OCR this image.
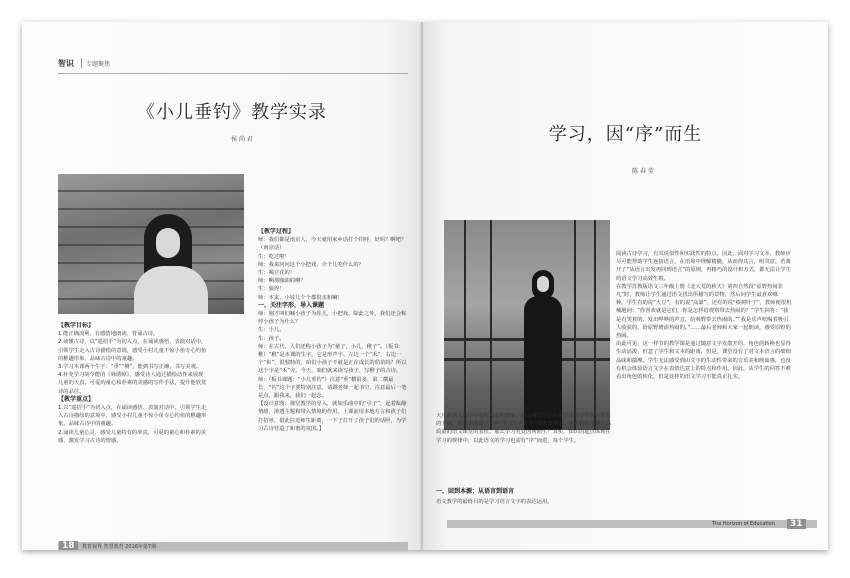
智识 专题聚焦
《小儿垂钓》教学实录
侯 尚 君
【教学目标】
1.能正确流利、有感情地朗读、背诵古诗。
2.读懂古诗，以“遥招手”为切入点，在诵读感悟、表演对话中，引领学生走入古诗描绘的意境，感受小村儿童不惊小鱼专心钓鱼的稚趣形象，品味古诗中的童趣。
3.学习本课两个生字：“垂”“侧”，能到书写正确，书写美观。
4.补充学习胡令能的《咏绣障》，感受诗人通过描绘动作来展现儿童的天真，可爱的童心和朴素的美感的写作手法，提升他欣赏诗的品位。
【教学重点】
1.以“遥招手”为切入点，在诵读感悟、表演对话中，引领学生走入古诗描绘的意境中，感受小村儿童不惊小鱼专心钓鱼的稚趣形象，品味古诗中的童趣。
2.诵读儿童心灵，感受儿童特有的率真，可爱的童心和朴素的美感，激发学习古诗的情感。
【教学过程】
师：我们都是南京人，今天就用家乡话打个招呼，好吗？啊吧？（南京话）
生：吃过啦！
师：我来问问这个小把戏，介个儿吃什么的？
生：喝豆花的！
师：啊那咖油的啊？
生：狼得！
师：本来，小娃儿个个都很亲和嘛！
一、关注字形，导入课题
师：刚才叫们喊小孩子为娃儿，小把戏，除此之外，我们还会称呼小孩子为什么？
生：小儿。
生：孩子。
师：在古代，人们还称小孩子为“童子，小儿，稚子”。（板书：稚）“稚”是本课的生字，它是形声字。左边一个“禾”，右边一个“隹”，很独特的，咱们小孩子不就是正在成长的幼苗吗？所以这个字是“禾”旁。今天，咱们就来读写孩子，写稚子的古诗。
师：（板书课题：“小儿垂钓”）注意“垂”横很多，第二横最长，“钓”这个字要特别注意，请跟老师一起书空，注意最后一笔是点，跟我来，我们一起念。
【设计意图：课堂教学的导入，就如乐曲中的“引子”，起着酝酿情绪，渗透主题和带入情境的作用。上课前用本地方言和孩子们打招呼，借此拉近师生距离，一下子打开了孩子们的话匣，为学习古诗营造了和谐的氛围。】
18	教育视界 智慧教育 2016年第7期
学习，因“序”而生
陈 春 莹
阅读古诗学习，有其说似性和实践性的特点。因此，面对学习文本，教师应尽可能帮助学生连接语言，在语境中理解精髓，从而得其言，明其意。若离开了“从语言出发再回到语言”的原则，再精巧的设计和方式，都无法让学生的语文学习高效生根。
在教学苏教版语文三年级上册《北大荒的秋天》第四自然段“原野热闹非凡”时，教师让学生通过语文找出所描写的景物，然后问学生最喜欢哪一种，学生有的说“大豆”，有的说“高粱”，还有的说“榛树叶子”，教师便很机械地问：“你喜欢就是它们，你是怎样给观察带去热闹的？”学生回答：“我是有笑着的，发出哗哗的声音，给观野带去热闹的。”“我是乐声吆喝着吸引人收获的，给原野增添热闹的。”……最后老师和大家一起朗读，感受原野的热闹。
由此可见，这一样节的教学课是通过随意文字发散开的，角色的转换也显得生动活泼，但忽了学生和文本的距离，但是，课堂没有了对文本语言的细细品味和揣摩。学生无法感受到由文字的生动性带来的音乐美和画面感，也没有机会体验语言文字在表情达意上的特点和作用。因此，从学生的回答不难看出角色的转化，但是这样的语文学习不能真正扎实。
大凡在语文教学中有所追求的教师，都会希望自己的课堂成为学生语言生长的土壤。那就需要建立一种“学习正在发生”的本真课堂，这也恰恰是教有高质量的语文课堂的表征。那么学习究竟因何而生？其实，知识的起点体现在学习的规律中，以此语文的学习也需有“序”而进，每个学生。
一、回到本源：从语言到语言
语文教学的最终目的是学习语言文字的表达运用。
The Horizon of Education	31
